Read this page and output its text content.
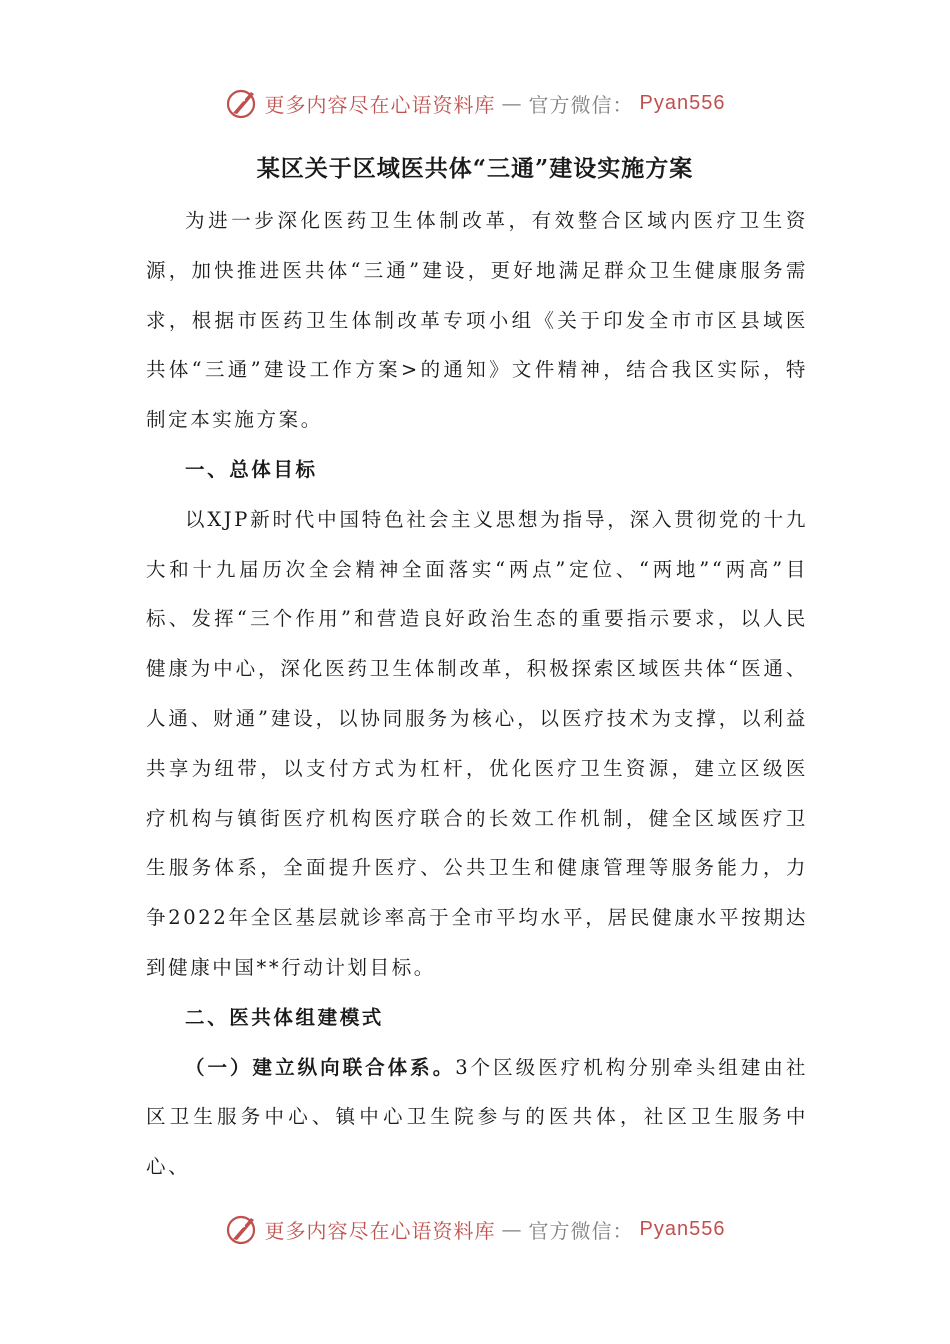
更多内容尽在心语资料库 — 官方微信： Pyan556
某区关于区域医共体“三通”建设实施方案

为进一步深化医药卫生体制改革，有效整合区域内医疗卫生资源，加快推进医共体“三通”建设，更好地满足群众卫生健康服务需求，根据市医药卫生体制改革专项小组《关于印发全市市区县域医共体“三通”建设工作方案>的通知》文件精神，结合我区实际，特制定本实施方案。

一、总体目标

以XJP新时代中国特色社会主义思想为指导，深入贯彻党的十九大和十九届历次全会精神全面落实“两点”定位、“两地”“两高”目标、发挥“三个作用”和营造良好政治生态的重要指示要求，以人民健康为中心，深化医药卫生体制改革，积极探索区域医共体“医通、人通、财通”建设，以协同服务为核心，以医疗技术为支撑，以利益共享为纽带，以支付方式为杠杆，优化医疗卫生资源，建立区级医疗机构与镇街医疗机构医疗联合的长效工作机制，健全区域医疗卫生服务体系，全面提升医疗、公共卫生和健康管理等服务能力，力争2022年全区基层就诊率高于全市平均水平，居民健康水平按期达到健康中国**行动计划目标。

二、医共体组建模式

（一）建立纵向联合体系。3个区级医疗机构分别牵头组建由社区卫生服务中心、镇中心卫生院参与的医共体，社区卫生服务中心、

更多内容尽在心语资料库 — 官方微信： Pyan556
